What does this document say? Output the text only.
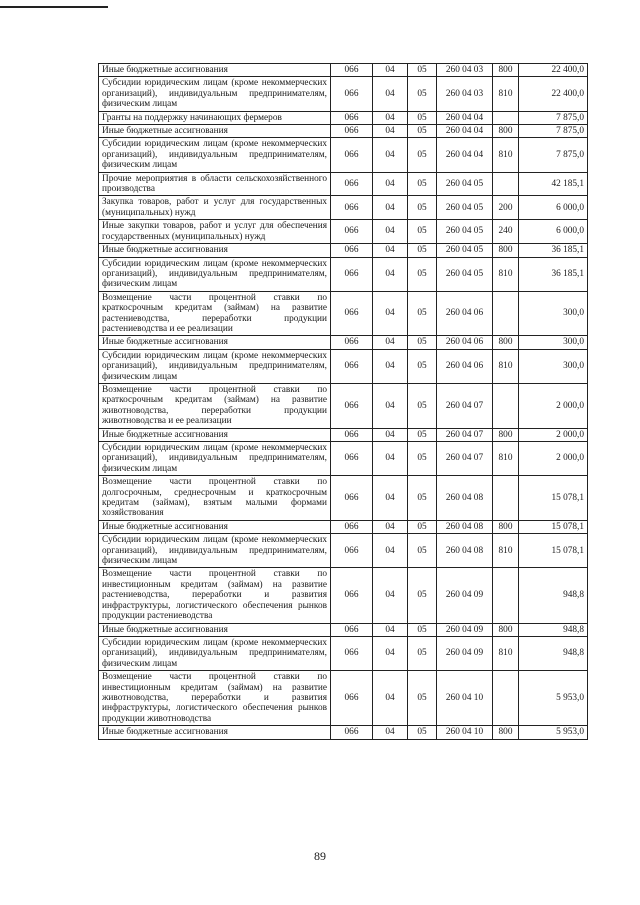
Иные бюджетные ассигнования	066	04	05	260 04 03	800	22 400,0
Субсидии юридическим лицам (кроме некоммерческих организаций), индивидуальным предпринимателям, физическим лицам	066	04	05	260 04 03	810	22 400,0
Гранты на поддержку начинающих фермеров	066	04	05	260 04 04		7 875,0
Иные бюджетные ассигнования	066	04	05	260 04 04	800	7 875,0
Субсидии юридическим лицам (кроме некоммерческих организаций), индивидуальным предпринимателям, физическим лицам	066	04	05	260 04 04	810	7 875,0
Прочие мероприятия в области сельскохозяйственного производства	066	04	05	260 04 05		42 185,1
Закупка товаров, работ и услуг для государственных (муниципальных) нужд	066	04	05	260 04 05	200	6 000,0
Иные закупки товаров, работ и услуг для обеспечения государственных (муниципальных) нужд	066	04	05	260 04 05	240	6 000,0
Иные бюджетные ассигнования	066	04	05	260 04 05	800	36 185,1
Субсидии юридическим лицам (кроме некоммерческих организаций), индивидуальным предпринимателям, физическим лицам	066	04	05	260 04 05	810	36 185,1
Возмещение части процентной ставки по краткосрочным кредитам (займам) на развитие растениеводства, переработки продукции растениеводства и ее реализации	066	04	05	260 04 06		300,0
Иные бюджетные ассигнования	066	04	05	260 04 06	800	300,0
Субсидии юридическим лицам (кроме некоммерческих организаций), индивидуальным предпринимателям, физическим лицам	066	04	05	260 04 06	810	300,0
Возмещение части процентной ставки по краткосрочным кредитам (займам) на развитие животноводства, переработки продукции животноводства и ее реализации	066	04	05	260 04 07		2 000,0
Иные бюджетные ассигнования	066	04	05	260 04 07	800	2 000,0
Субсидии юридическим лицам (кроме некоммерческих организаций), индивидуальным предпринимателям, физическим лицам	066	04	05	260 04 07	810	2 000,0
Возмещение части процентной ставки по долгосрочным, среднесрочным и краткосрочным кредитам (займам), взятым малыми формами хозяйствования	066	04	05	260 04 08		15 078,1
Иные бюджетные ассигнования	066	04	05	260 04 08	800	15 078,1
Субсидии юридическим лицам (кроме некоммерческих организаций), индивидуальным предпринимателям, физическим лицам	066	04	05	260 04 08	810	15 078,1
Возмещение части процентной ставки по инвестиционным кредитам (займам) на развитие растениеводства, переработки и развития инфраструктуры, логистического обеспечения рынков продукции растениеводства	066	04	05	260 04 09		948,8
Иные бюджетные ассигнования	066	04	05	260 04 09	800	948,8
Субсидии юридическим лицам (кроме некоммерческих организаций), индивидуальным предпринимателям, физическим лицам	066	04	05	260 04 09	810	948,8
Возмещение части процентной ставки по инвестиционным кредитам (займам) на развитие животноводства, переработки и развития инфраструктуры, логистического обеспечения рынков продукции животноводства	066	04	05	260 04 10		5 953,0
Иные бюджетные ассигнования	066	04	05	260 04 10	800	5 953,0
89
